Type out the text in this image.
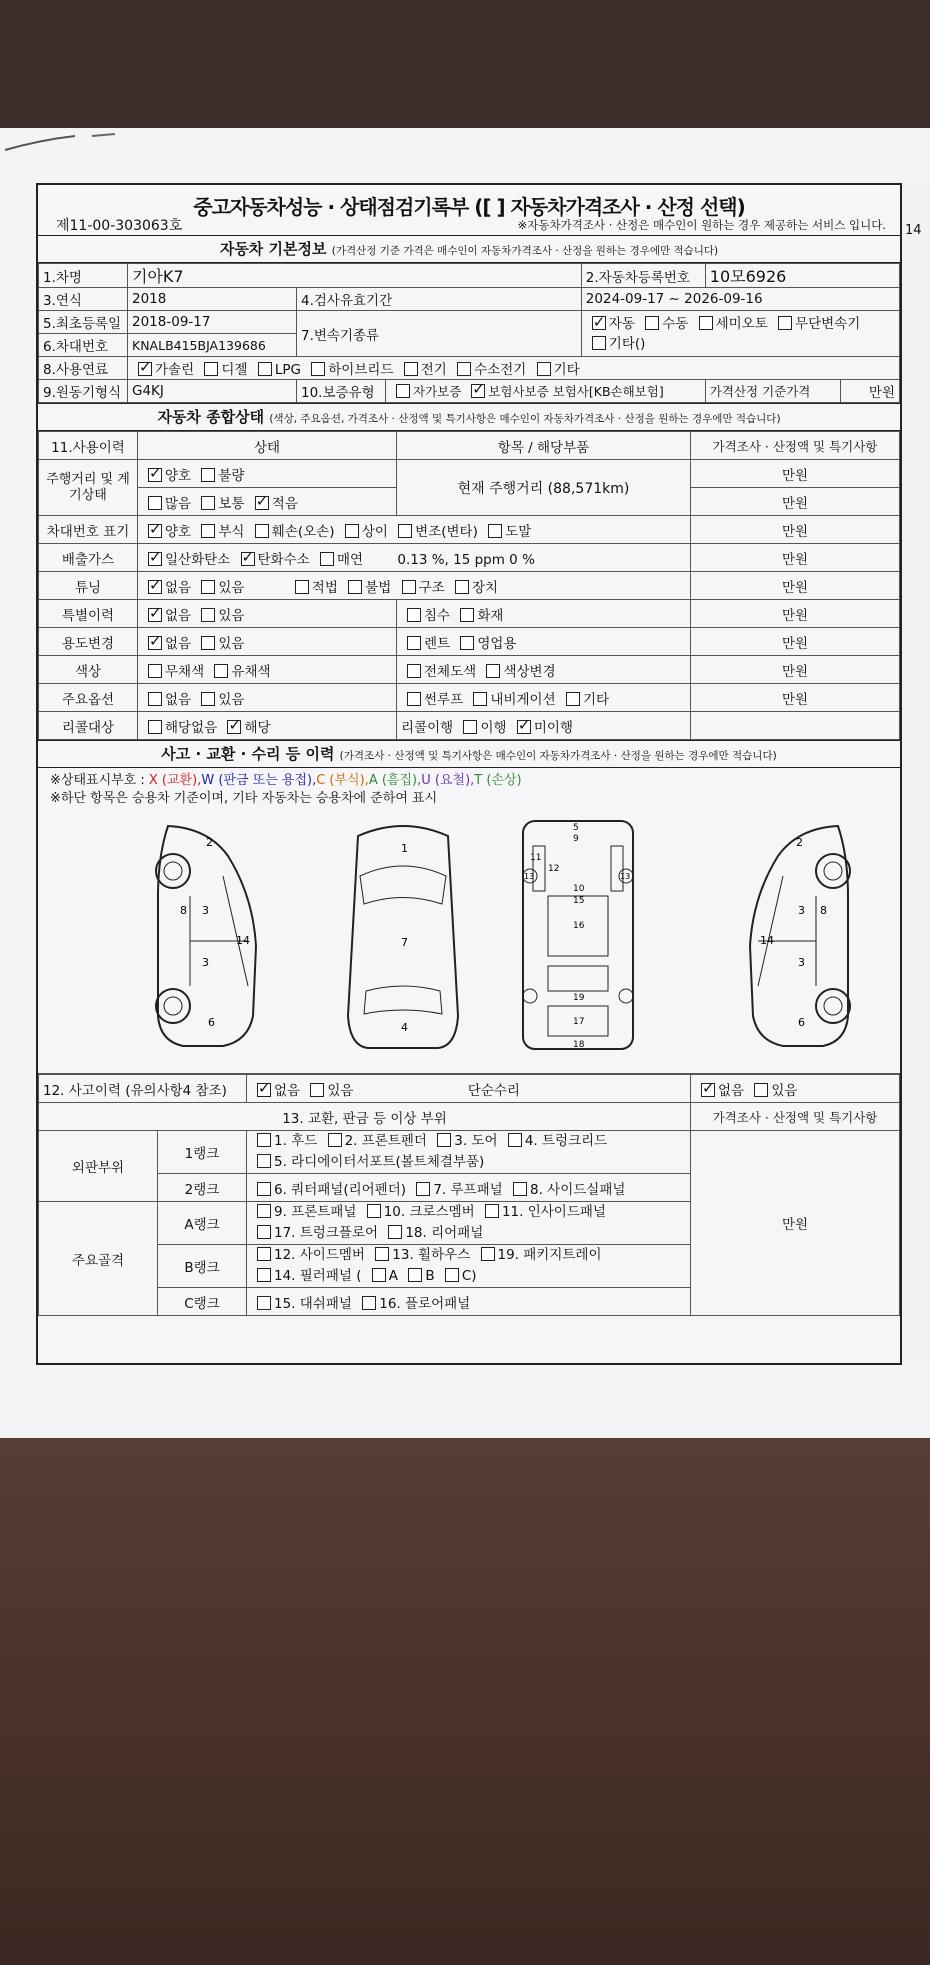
14
중고자동차성능 · 상태점검기록부 ([ ] 자동차가격조사 · 산정 선택)
제11-00-303063호	※자동차가격조사 · 산정은 매수인이 원하는 경우 제공하는 서비스 입니다.
자동차 기본정보 (가격산정 기준 가격은 매수인이 자동차가격조사 · 산정을 원하는 경우에만 적습니다)
1.차명	기아K7			2.자동차등록번호	10모6926	
3.연식	2018	4.검사유효기간		2024-09-17 ~ 2026-09-16		
5.최초등록일	2018-09-17	7.변속기종류	✓자동 수동 세미오토 무단변속기
기타()
6.차대번호	KNALB415BJA139686					
8.사용연료	✓가솔린 디젤 LPG 하이브리드 전기 수소전기 기타
9.원동기형식	G4KJ	10.보증유형	자가보증 ✓ 보험사보증 보험사[KB손해보험]		가격산정 기준가격	만원
자동차 종합상태 (색상, 주요옵션, 가격조사 · 산정액 및 특기사항은 매수인이 자동차가격조사 · 산정을 원하는 경우에만 적습니다)
11.사용이력	상태	항목 / 해당부품	가격조사 · 산정액 및 특기사항
주행거리 및 계기상태	✓양호 불량	현재 주행거리 (88,571km)	만원
	많음 보통 ✓ 적음		만원
차대번호 표기	✓양호 부식 훼손(오손) 상이 변조(변타) 도말		만원
배출가스	✓일산화탄소 ✓ 탄화수소 매연 0.13 %, 15 ppm 0 %		만원
튜닝	✓없음 있음 적법 불법 구조 장치		만원
특별이력	✓없음 있음	침수 화재	만원
용도변경	✓없음 있음	렌트 영업용	만원
색상	무채색 유채색	전체도색 색상변경	만원
주요옵션	없음 있음	썬루프 내비게이션 기타	만원
리콜대상	해당없음 ✓ 해당	리콜이행 이행 ✓ 미이행	
사고 · 교환 · 수리 등 이력 (가격조사 · 산정액 및 특기사항은 매수인이 자동차가격조사 · 산정을 원하는 경우에만 적습니다)
※상태표시부호 : X (교환),W (판금 또는 용접),C (부식),A (흠집),U (요철),T (손상)
※하단 항목은 승용차 기준이며, 기타 자동차는 승용차에 준하여 표시
2
8 3
3
14
6
1
7
4
5
9
11
12
10
15
16
19
17
18
13	13
2
8
3
3
14
6
12. 사고이력 (유의사항4 참조)	✓없음 있음 단순수리	✓없음 있음
13. 교환, 판금 등 이상 부위			가격조사 · 산정액 및 특기사항
외판부위	1랭크	1. 후드 2. 프론트펜더 3. 도어 4. 트렁크리드
5. 라디에이터서포트(볼트체결부품)	만원

	2랭크	6. 쿼터패널(리어펜더) 7. 루프패널 8. 사이드실패널	
주요골격	A랭크	9. 프론트패널 10. 크로스멤버 11. 인사이드패널
17. 트렁크플로어 18. 리어패널	

	B랭크	12. 사이드멤버 13. 휠하우스 19. 패키지트레이
14. 필러패널 ( A B C)	

	C랭크	15. 대쉬패널 16. 플로어패널	
